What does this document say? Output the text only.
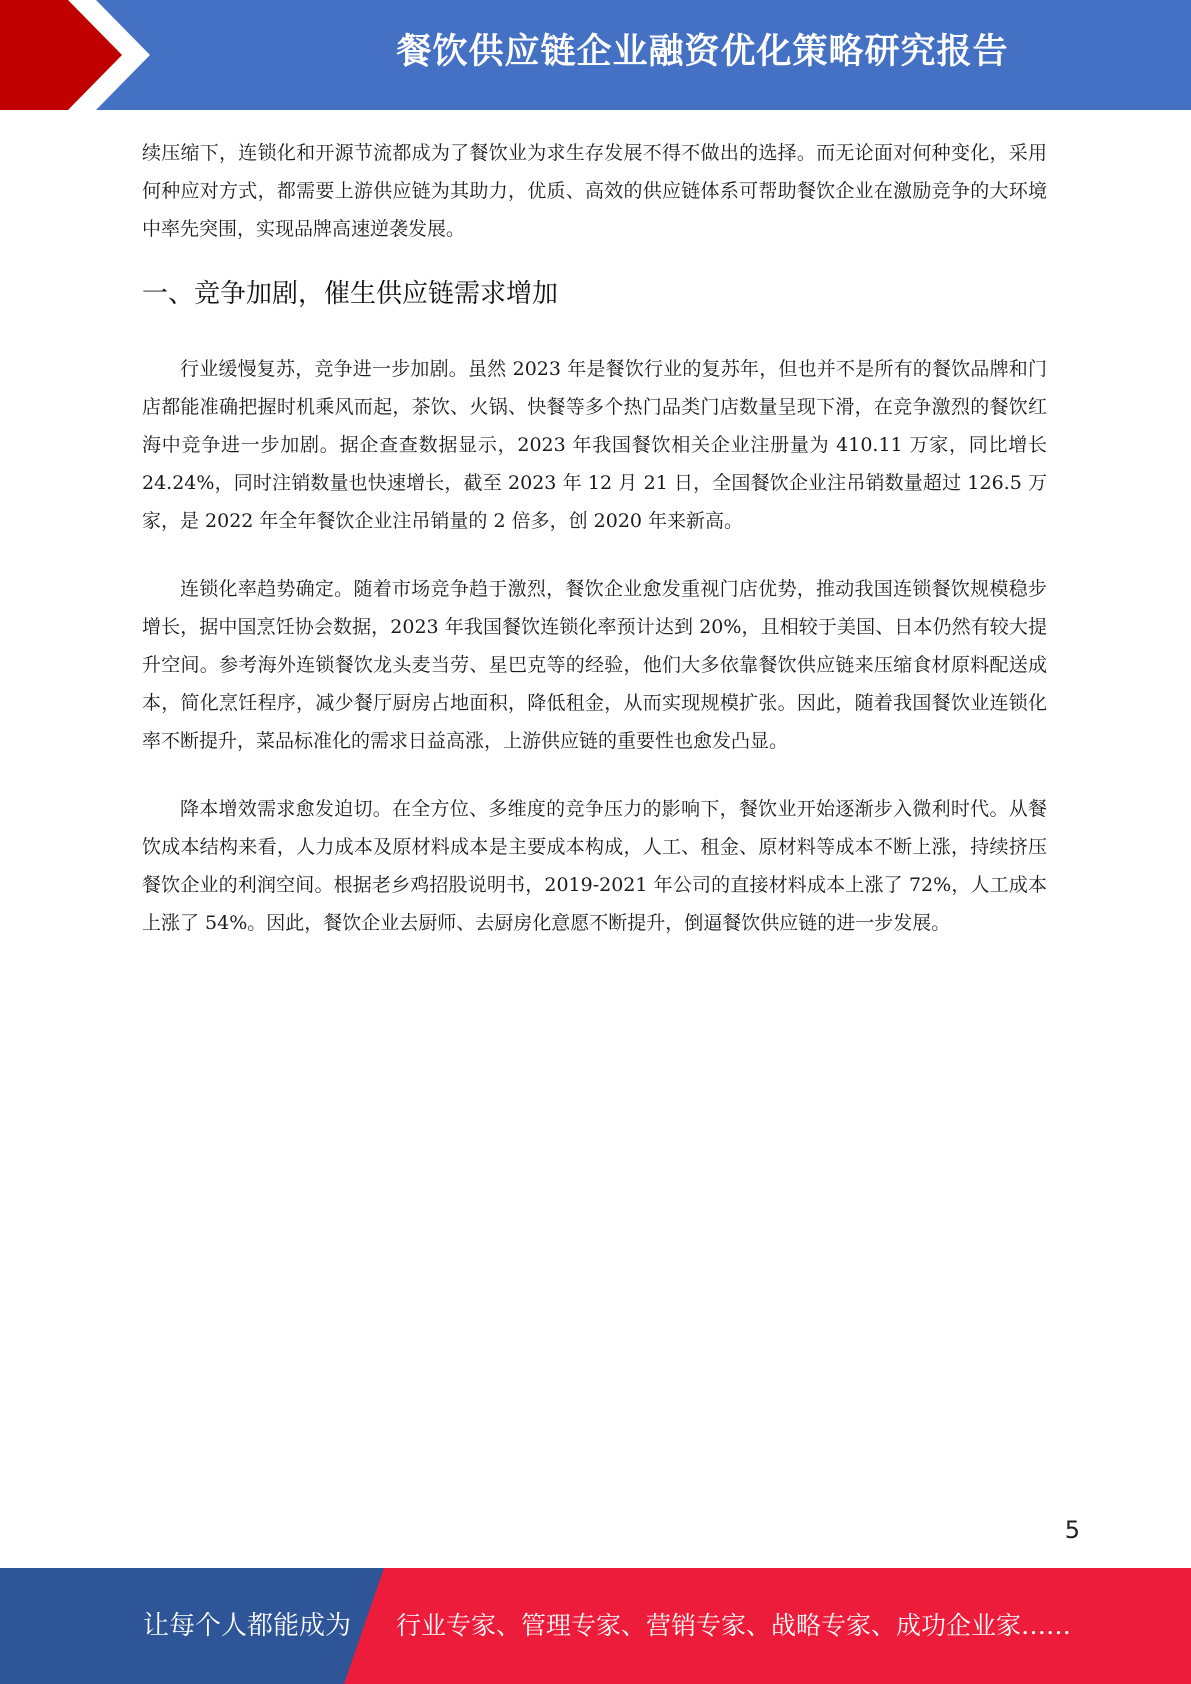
餐饮供应链企业融资优化策略研究报告

续压缩下，连锁化和开源节流都成为了餐饮业为求生存发展不得不做出的选择。而无论面对何种变化，采用何种应对方式，都需要上游供应链为其助力，优质、高效的供应链体系可帮助餐饮企业在激励竞争的大环境中率先突围，实现品牌高速逆袭发展。

一、竞争加剧，催生供应链需求增加

行业缓慢复苏，竞争进一步加剧。虽然 2023 年是餐饮行业的复苏年，但也并不是所有的餐饮品牌和门店都能准确把握时机乘风而起，茶饮、火锅、快餐等多个热门品类门店数量呈现下滑，在竞争激烈的餐饮红海中竞争进一步加剧。据企查查数据显示，2023 年我国餐饮相关企业注册量为 410.11 万家，同比增长 24.24%，同时注销数量也快速增长，截至 2023 年 12 月 21 日，全国餐饮企业注吊销数量超过 126.5 万家，是 2022 年全年餐饮企业注吊销量的 2 倍多，创 2020 年来新高。

连锁化率趋势确定。随着市场竞争趋于激烈，餐饮企业愈发重视门店优势，推动我国连锁餐饮规模稳步增长，据中国烹饪协会数据，2023 年我国餐饮连锁化率预计达到 20%，且相较于美国、日本仍然有较大提升空间。参考海外连锁餐饮龙头麦当劳、星巴克等的经验，他们大多依靠餐饮供应链来压缩食材原料配送成本，简化烹饪程序，减少餐厅厨房占地面积，降低租金，从而实现规模扩张。因此，随着我国餐饮业连锁化率不断提升，菜品标准化的需求日益高涨，上游供应链的重要性也愈发凸显。

降本增效需求愈发迫切。在全方位、多维度的竞争压力的影响下，餐饮业开始逐渐步入微利时代。从餐饮成本结构来看，人力成本及原材料成本是主要成本构成，人工、租金、原材料等成本不断上涨，持续挤压餐饮企业的利润空间。根据老乡鸡招股说明书，2019-2021 年公司的直接材料成本上涨了 72%，人工成本上涨了 54%。因此，餐饮企业去厨师、去厨房化意愿不断提升，倒逼餐饮供应链的进一步发展。

5
让每个人都能成为 行业专家、管理专家、营销专家、战略专家、成功企业家……
